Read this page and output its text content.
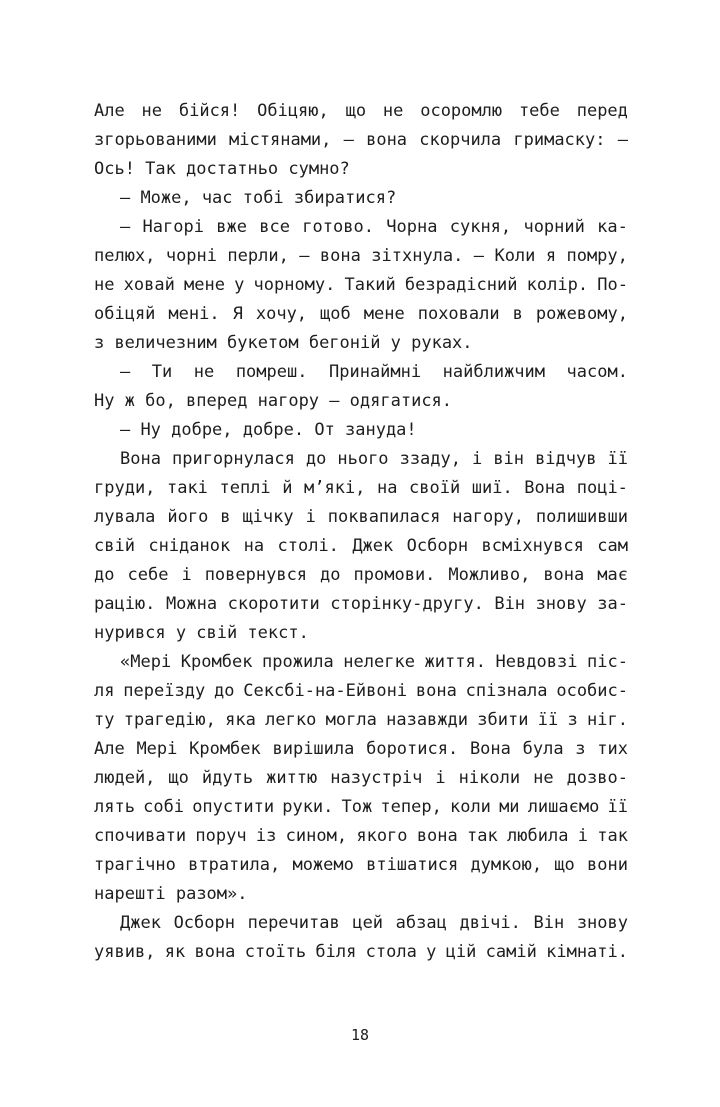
Але не бійся! Обіцяю, що не осоромлю тебе перед
згорьованими містянами, — вона скорчила гримаску: —
Ось! Так достатньо сумно?
— Може, час тобі збиратися?
— Нагорі вже все готово. Чорна сукня, чорний ка-
пелюх, чорні перли, — вона зітхнула. — Коли я помру,
не ховай мене у чорному. Такий безрадісний колір. По-
обіцяй мені. Я хочу, щоб мене поховали в рожевому,
з величезним букетом бегоній у руках.
— Ти не помреш. Принаймні найближчим часом.
Ну ж бо, вперед нагору — одягатися.
— Ну добре, добре. От зануда!
Вона пригорнулася до нього ззаду, і він відчув її
груди, такі теплі й м’які, на своїй шиї. Вона поці-
лувала його в щічку і поквапилася нагору, полишивши
свій сніданок на столі. Джек Осборн всміхнувся сам
до себе і повернувся до промови. Можливо, вона має
рацію. Можна скоротити сторінку-другу. Він знову за-
нурився у свій текст.
«Мері Кромбек прожила нелегке життя. Невдовзі піс-
ля переїзду до Сексбі-на-Ейвоні вона спізнала особис-
ту трагедію, яка легко могла назавжди збити її з ніг.
Але Мері Кромбек вирішила боротися. Вона була з тих
людей, що йдуть життю назустріч і ніколи не дозво-
лять собі опустити руки. Тож тепер, коли ми лишаємо її
спочивати поруч із сином, якого вона так любила і так
трагічно втратила, можемо втішатися думкою, що вони
нарешті разом».
Джек Осборн перечитав цей абзац двічі. Він знову
уявив, як вона стоїть біля стола у цій самій кімнаті.
18
